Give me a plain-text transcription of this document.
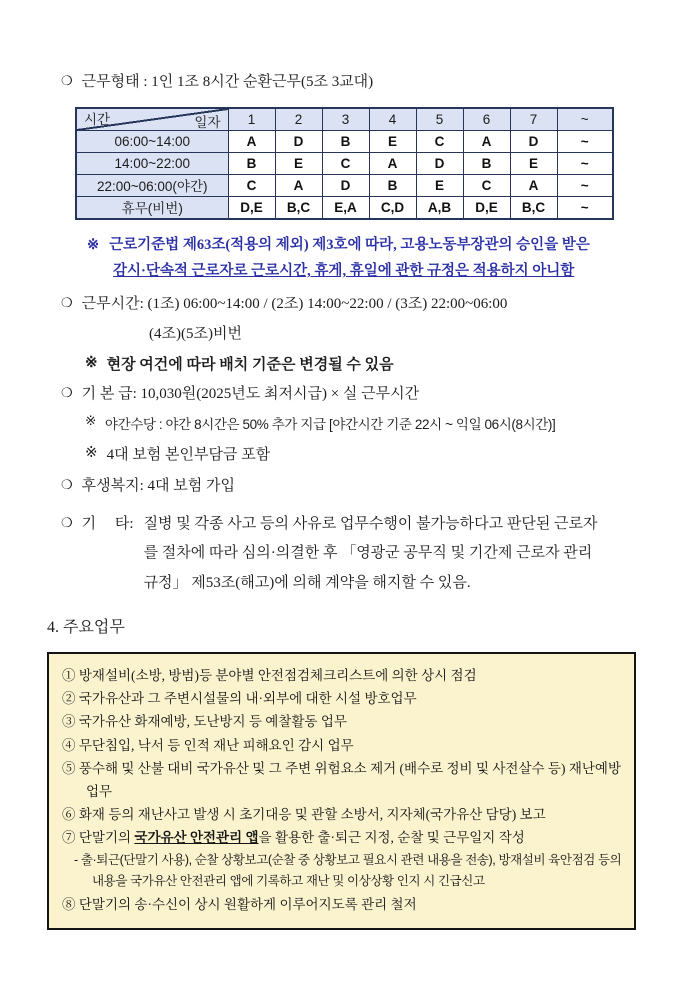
❍ 근무형태 : 1인 1조 8시간 순환근무(5조 3교대)
일자
시간	1	2	3	4	5	6	7	~
06:00~14:00	A	D	B	E	C	A	D	~
14:00~22:00	B	E	C	A	D	B	E	~
22:00~06:00(야간)	C	A	D	B	E	C	A	~
휴무(비번)	D,E	B,C	E,A	C,D	A,B	D,E	B,C	~
※ 근로기준법 제63조(적용의 제외) 제3호에 따라, 고용노동부장관의 승인을 받은
감시·단속적 근로자로 근로시간, 휴게, 휴일에 관한 규정은 적용하지 아니함
❍ 근무시간: (1조) 06:00~14:00 / (2조) 14:00~22:00 / (3조) 22:00~06:00
(4조)(5조)비번
※ 현장 여건에 따라 배치 기준은 변경될 수 있음
❍ 기 본 급: 10,030원(2025년도 최저시급) × 실 근무시간
※ 야간수당 : 야간 8시간은 50% 추가 지급 [야간시간 기준 22시 ~ 익일 06시(8시간)]
※ 4대 보험 본인부담금 포함
❍ 후생복지: 4대 보험 가입
❍ 기     타: 질병 및 각종 사고 등의 사유로 업무수행이 불가능하다고 판단된 근로자를 절차에 따라 심의·의결한 후 「영광군 공무직 및 기간제 근로자 관리 규정」 제53조(해고)에 의해 계약을 해지할 수 있음.
4. 주요업무
① 방재설비(소방, 방범)등 분야별 안전점검체크리스트에 의한 상시 점검
② 국가유산과 그 주변시설물의 내·외부에 대한 시설 방호업무
③ 국가유산 화재예방, 도난방지 등 예찰활동 업무
④ 무단침입, 낙서 등 인적 재난 피해요인 감시 업무
⑤ 풍수해 및 산불 대비 국가유산 및 그 주변 위험요소 제거 (배수로 정비 및 사전살수 등) 재난예방 업무
⑥ 화재 등의 재난사고 발생 시 초기대응 및 관할 소방서, 지자체(국가유산 담당) 보고
⑦ 단말기의 국가유산 안전관리 앱을 활용한 출·퇴근 지정, 순찰 및 근무일지 작성
- 출·퇴근(단말기 사용), 순찰 상황보고(순찰 중 상황보고 필요시 관련 내용을 전송), 방재설비 육안점검 등의 내용을 국가유산 안전관리 앱에 기록하고 재난 및 이상상황 인지 시 긴급신고
⑧ 단말기의 송·수신이 상시 원활하게 이루어지도록 관리 철저
